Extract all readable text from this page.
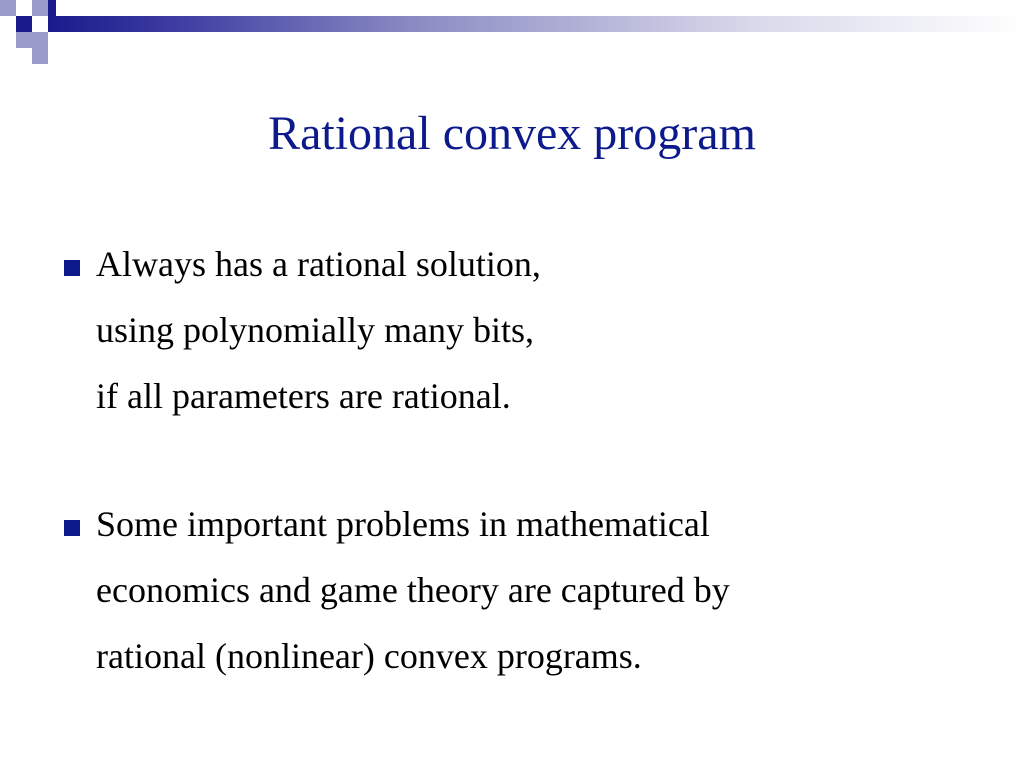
Rational convex program
Always has a rational solution,
using polynomially many bits,
if all parameters are rational.
Some important problems in mathematical
economics and game theory are captured by
rational (nonlinear) convex programs.
